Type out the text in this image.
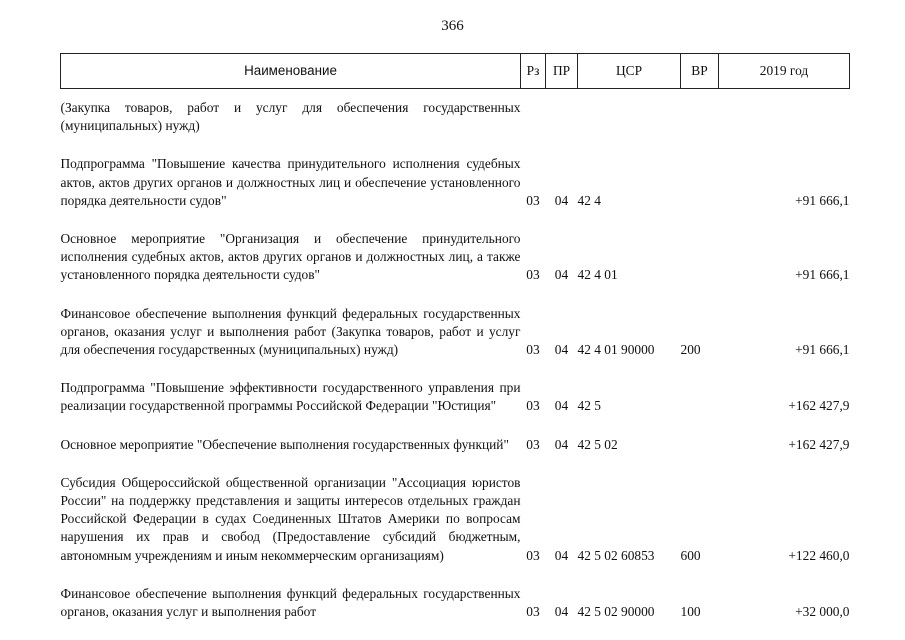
366
Наименование	Рз	ПР	ЦСР	ВР	2019 год

(Закупка товаров, работ и услуг для обеспечения государственных (муниципальных) нужд)					

Подпрограмма "Повышение качества принудительного исполнения судебных актов, актов других органов и должностных лиц и обеспечение установленного порядка деятельности судов"	03	04	42 4		+91 666,1

Основное мероприятие "Организация и обеспечение принудительного исполнения судебных актов, актов других органов и должностных лиц, а также установленного порядка деятельности судов"	03	04	42 4 01		+91 666,1

Финансовое обеспечение выполнения функций федеральных государственных органов, оказания услуг и выполнения работ (Закупка товаров, работ и услуг для обеспечения государственных (муниципальных) нужд)	03	04	42 4 01 90000	200	+91 666,1

Подпрограмма "Повышение эффективности государственного управления при реализации государственной программы Российской Федерации "Юстиция"	03	04	42 5		+162 427,9

Основное мероприятие "Обеспечение выполнения государственных функций"	03	04	42 5 02		+162 427,9

Субсидия Общероссийской общественной организации "Ассоциация юристов России" на поддержку представления и защиты интересов отдельных граждан Российской Федерации в судах Соединенных Штатов Америки по вопросам нарушения их прав и свобод (Предоставление субсидий бюджетным, автономным учреждениям и иным некоммерческим организациям)	03	04	42 5 02 60853	600	+122 460,0

Финансовое обеспечение выполнения функций федеральных государственных органов, оказания услуг и выполнения работ	03	04	42 5 02 90000	100	+32 000,0
